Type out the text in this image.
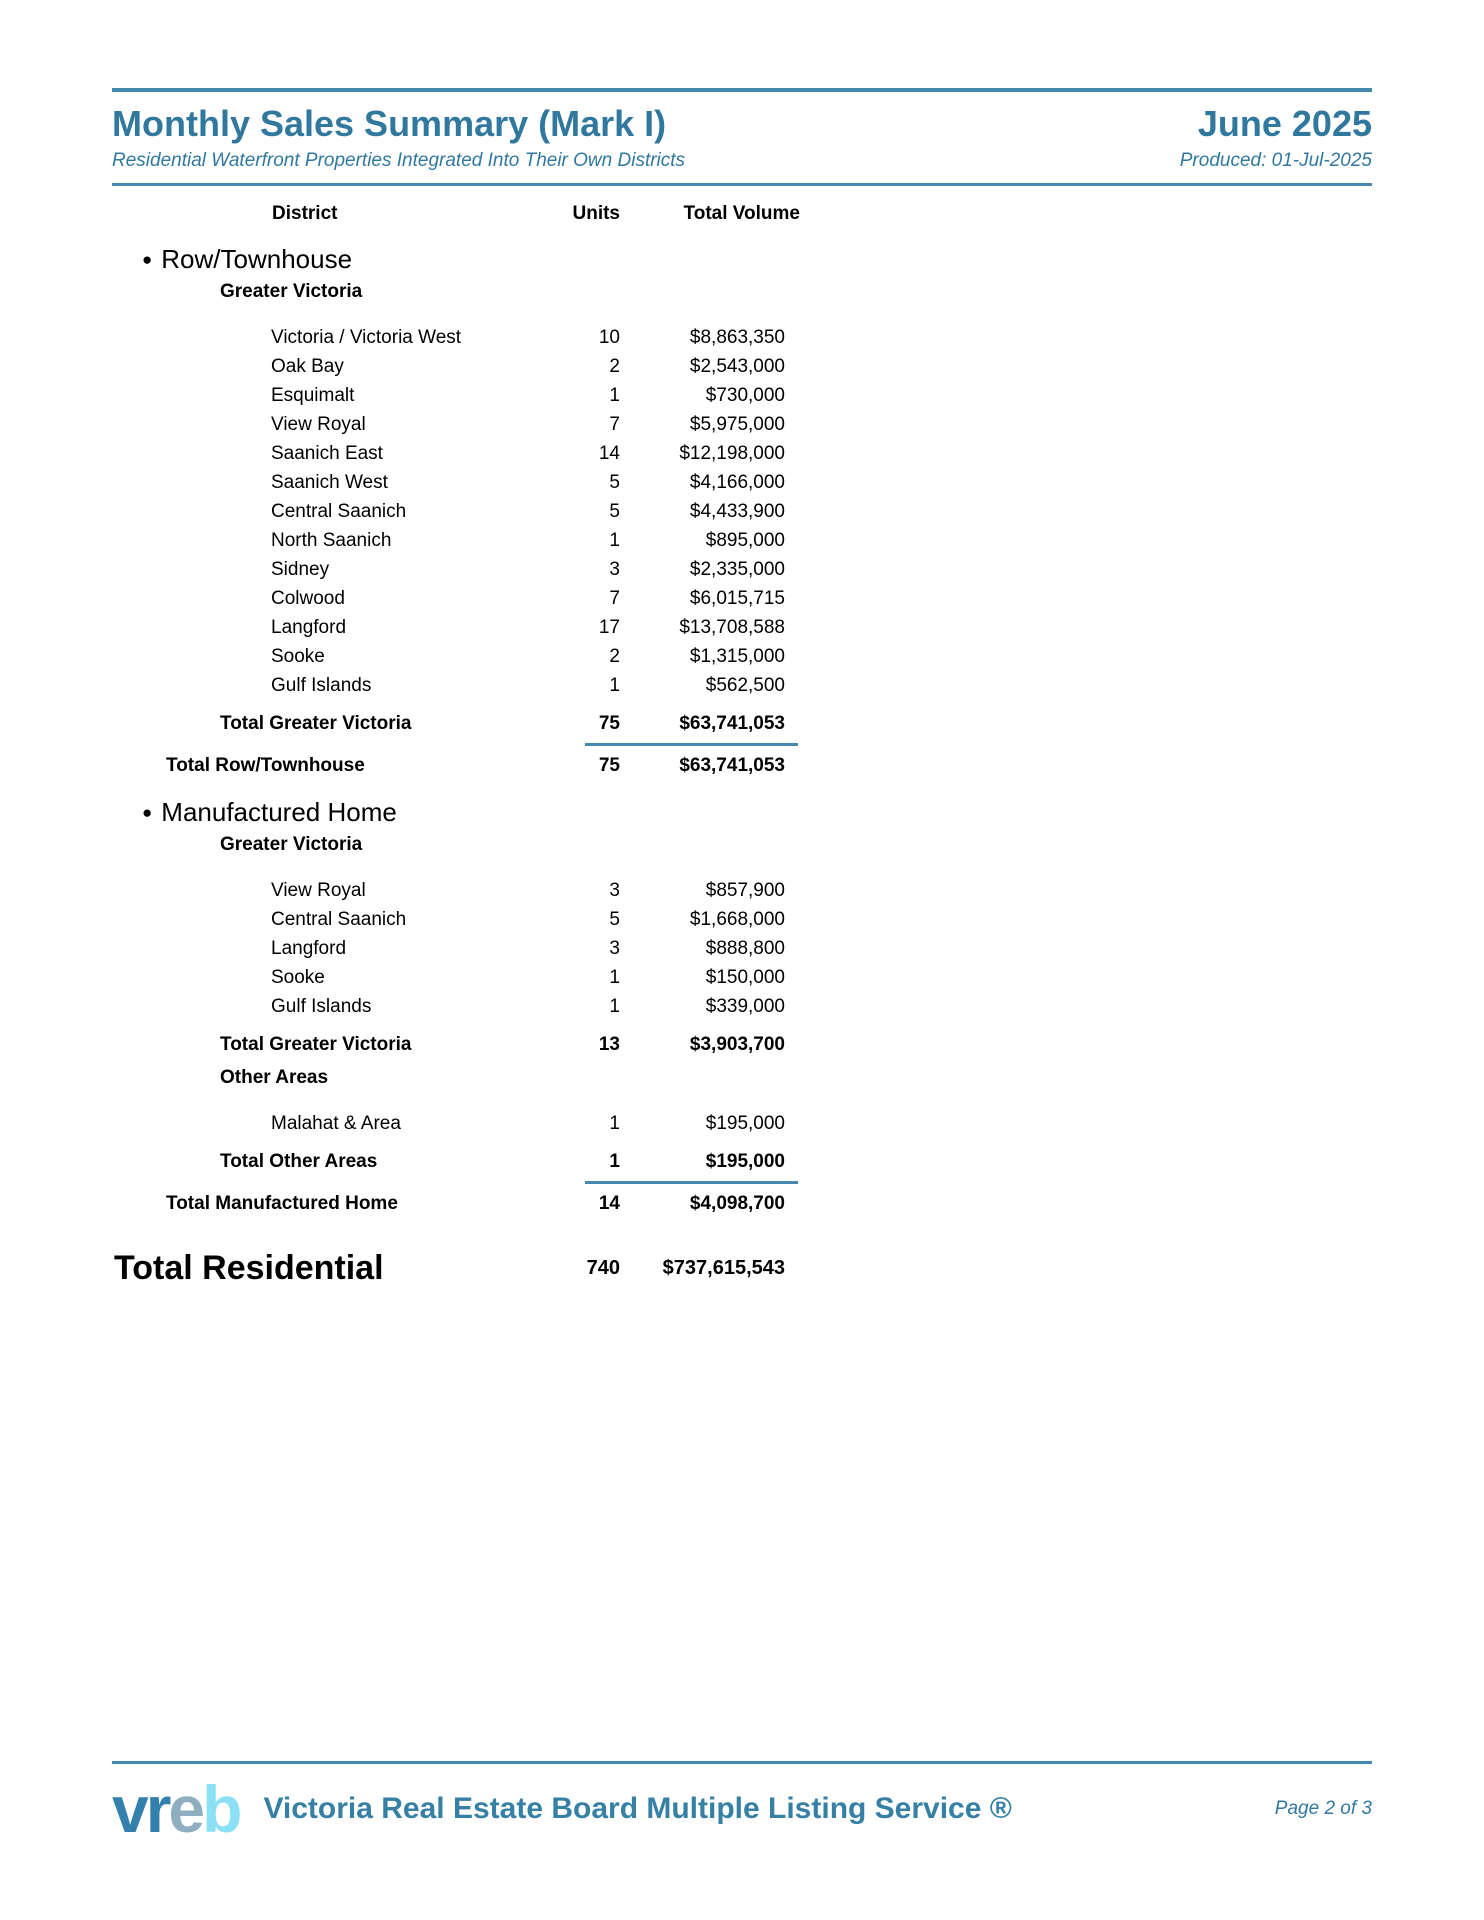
Monthly Sales Summary (Mark I)	June 2025
Residential Waterfront Properties Integrated Into Their Own Districts	Produced: 01-Jul-2025
District	Units	Total Volume
● Row/Townhouse
Greater Victoria
Victoria / Victoria West	10	$8,863,350
Oak Bay	2	$2,543,000
Esquimalt	1	$730,000
View Royal	7	$5,975,000
Saanich East	14	$12,198,000
Saanich West	5	$4,166,000
Central Saanich	5	$4,433,900
North Saanich	1	$895,000
Sidney	3	$2,335,000
Colwood	7	$6,015,715
Langford	17	$13,708,588
Sooke	2	$1,315,000
Gulf Islands	1	$562,500
Total Greater Victoria	75	$63,741,053
Total Row/Townhouse	75	$63,741,053
● Manufactured Home
Greater Victoria
View Royal	3	$857,900
Central Saanich	5	$1,668,000
Langford	3	$888,800
Sooke	1	$150,000
Gulf Islands	1	$339,000
Total Greater Victoria	13	$3,903,700
Other Areas
Malahat & Area	1	$195,000
Total Other Areas	1	$195,000
Total Manufactured Home	14	$4,098,700
Total Residential	740	$737,615,543
vreb Victoria Real Estate Board Multiple Listing Service ®	Page 2 of 3
